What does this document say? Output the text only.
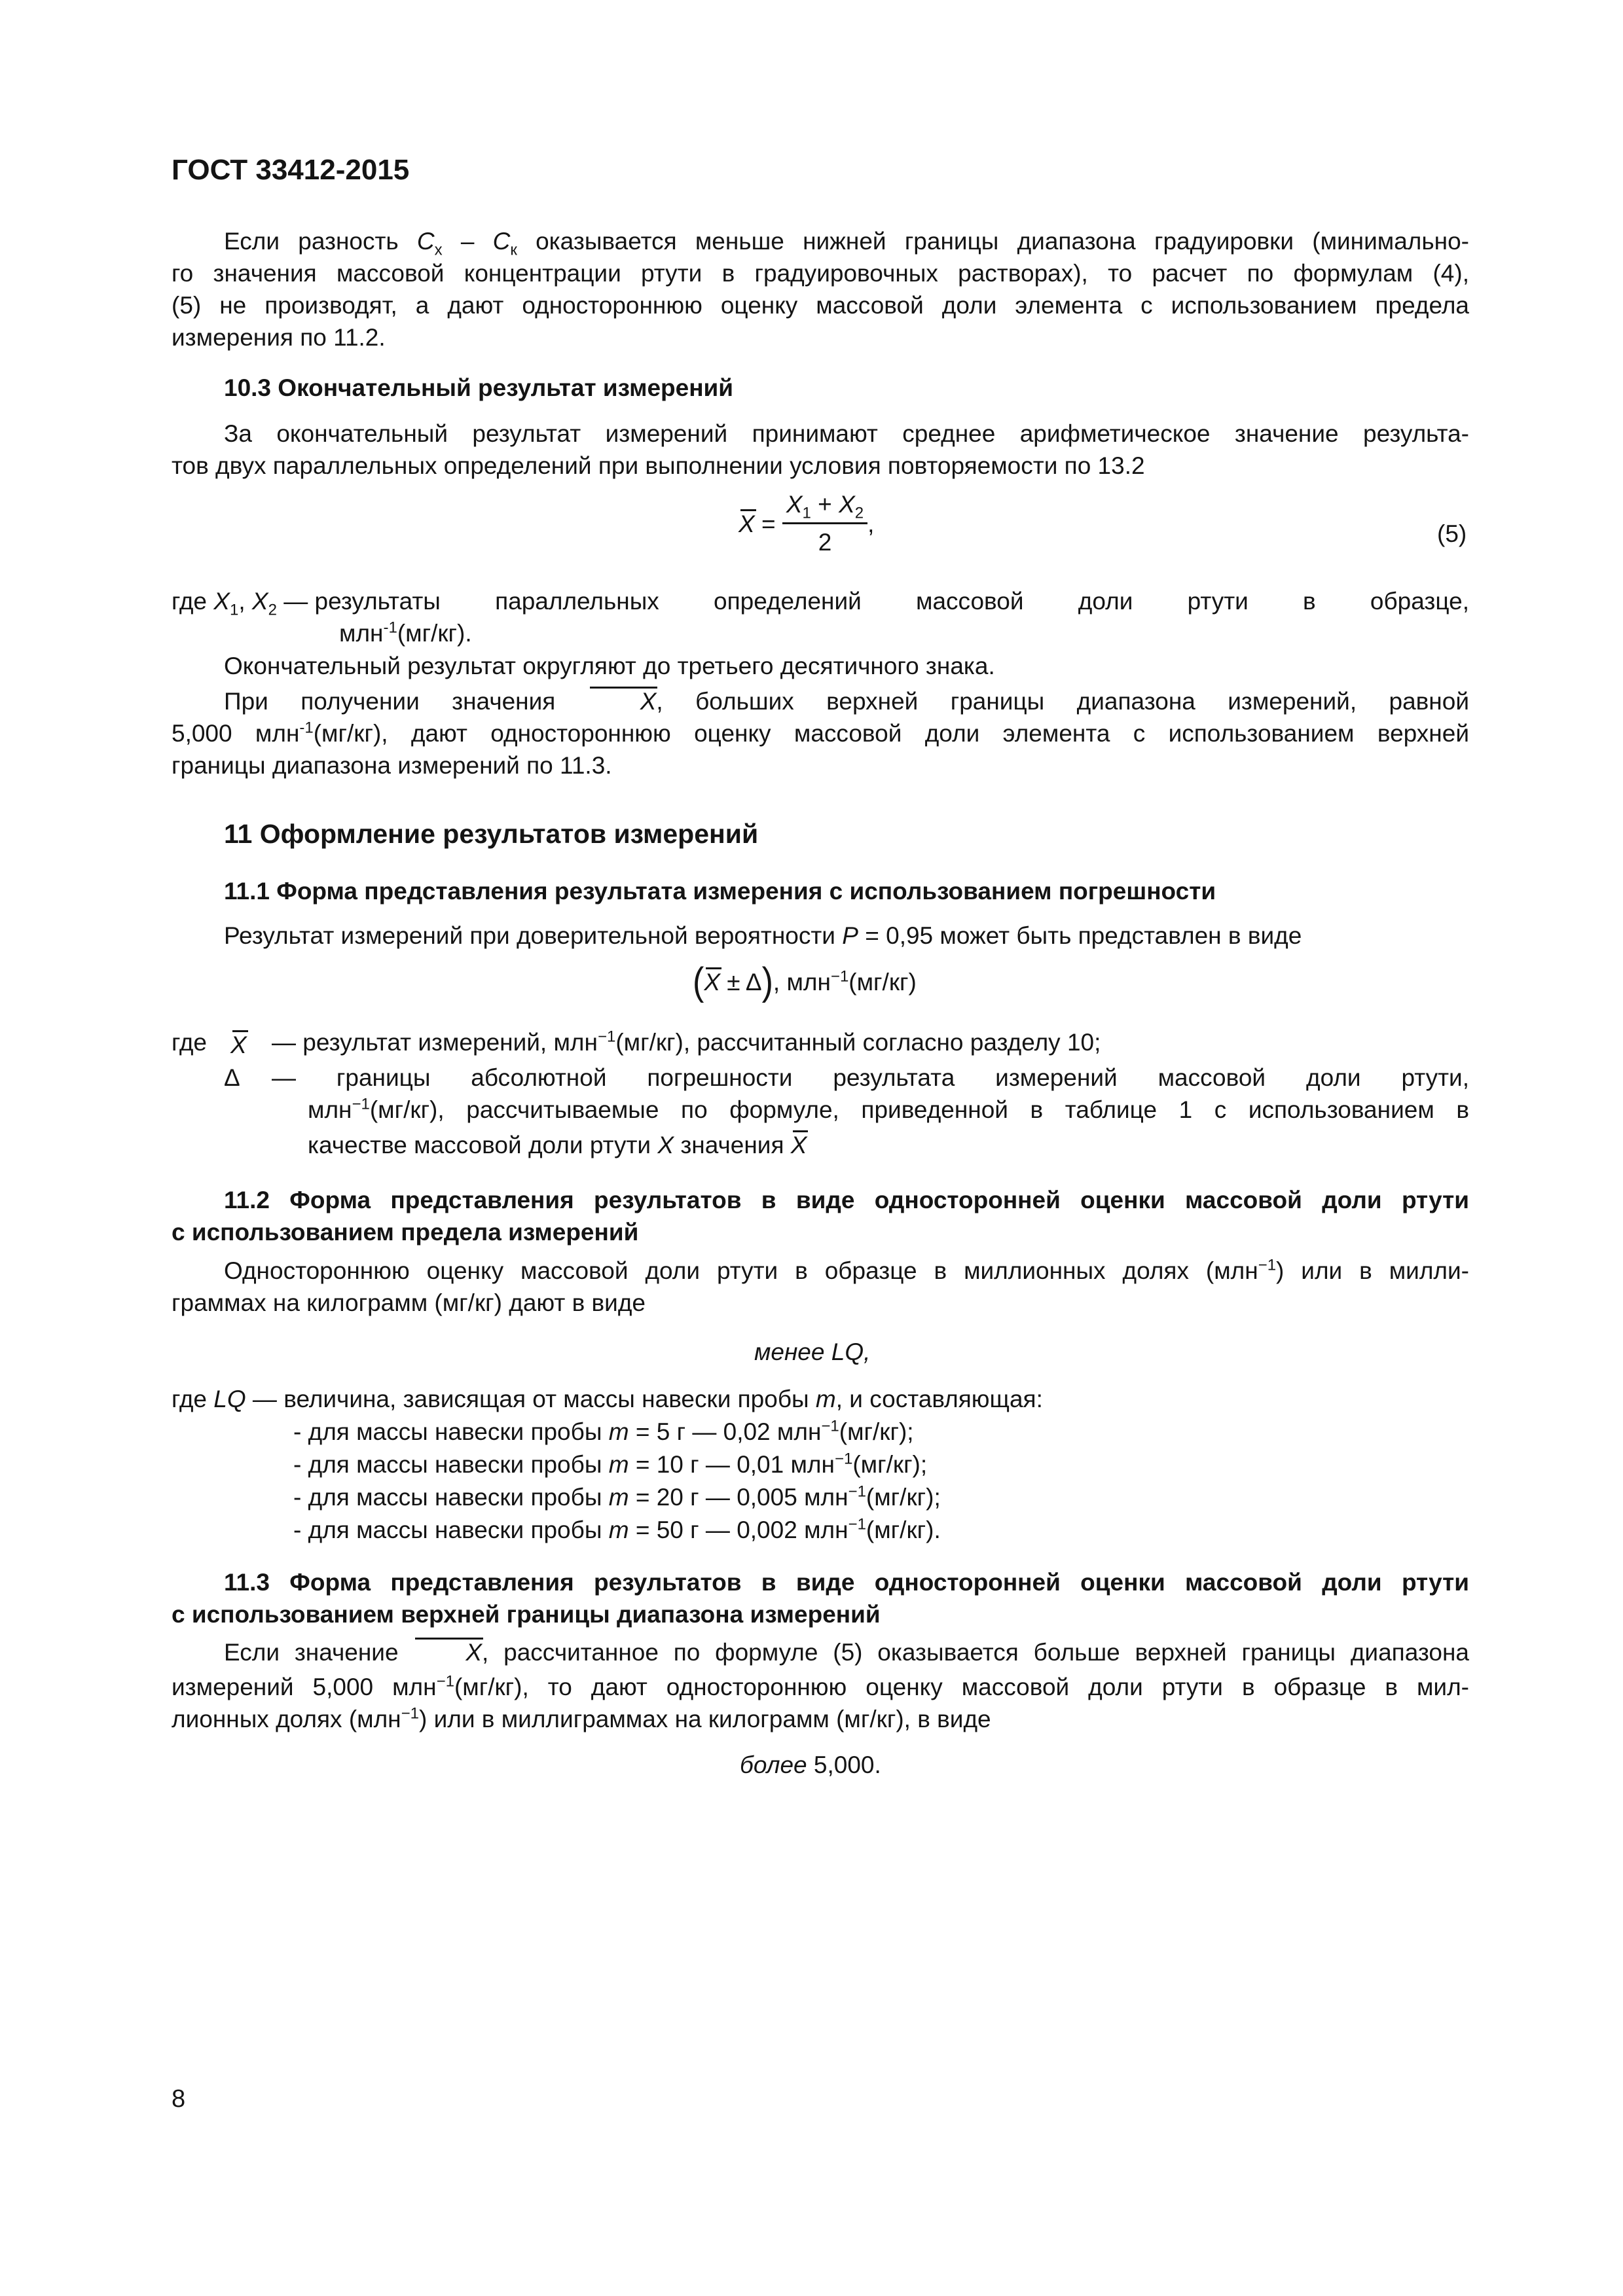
ГОСТ 33412-2015
Если разность $C_x - C_к$ оказывается меньше нижней границы диапазона градуировки (минимально-
го значения массовой концентрации ртути в градуировочных растворах), то расчет по формулам (4),
(5) не производят, а дают одностороннюю оценку массовой доли элемента с использованием предела
измерения по 11.2.
10.3 Окончательный результат измерений
За окончательный результат измерений принимают среднее арифметическое значение результа-
тов двух параллельных определений при выполнении условия повторяемости по 13.2
$X = \frac{X_1 + X_2}{2}$ ,	(5)
где $X_1$, $X_2$ — результаты параллельных определений массовой доли ртути в образце,
млн$^{-1}$(мг/кг).
Окончательный результат округляют до третьего десятичного знака.
При получении значения X, больших верхней границы диапазона измерений, равной
5,000 млн$^{-1}$(мг/кг), дают одностороннюю оценку массовой доли элемента с использованием верхней
границы диапазона измерений по 11.3.
11 Оформление результатов измерений
11.1 Форма представления результата измерения с использованием погрешности
Результат измерений при доверительной вероятности P = 0,95 может быть представлен в виде
(X ± Δ), млн$^{-1}$(мг/кг)
где X — результат измерений, млн$^{-1}$(мг/кг), рассчитанный согласно разделу 10;
Δ — границы абсолютной погрешности результата измерений массовой доли ртути,
млн$^{-1}$(мг/кг), рассчитываемые по формуле, приведенной в таблице 1 с использованием в
качестве массовой доли ртути X значения X
11.2 Форма представления результатов в виде односторонней оценки массовой доли ртути
с использованием предела измерений
Одностороннюю оценку массовой доли ртути в образце в миллионных долях (млн$^{-1}$) или в милли-
граммах на килограмм (мг/кг) дают в виде
менее LQ,
где LQ — величина, зависящая от массы навески пробы m, и составляющая:
- для массы навески пробы m = 5 г — 0,02 млн$^{-1}$(мг/кг);
- для массы навески пробы m = 10 г — 0,01 млн$^{-1}$(мг/кг);
- для массы навески пробы m = 20 г — 0,005 млн$^{-1}$(мг/кг);
- для массы навески пробы m = 50 г — 0,002 млн$^{-1}$(мг/кг).
11.3 Форма представления результатов в виде односторонней оценки массовой доли ртути
с использованием верхней границы диапазона измерений
Если значение X, рассчитанное по формуле (5) оказывается больше верхней границы диапазона
измерений 5,000 млн$^{-1}$(мг/кг), то дают одностороннюю оценку массовой доли ртути в образце в мил-
лионных долях (млн$^{-1}$) или в миллиграммах на килограмм (мг/кг), в виде
более 5,000.
8
